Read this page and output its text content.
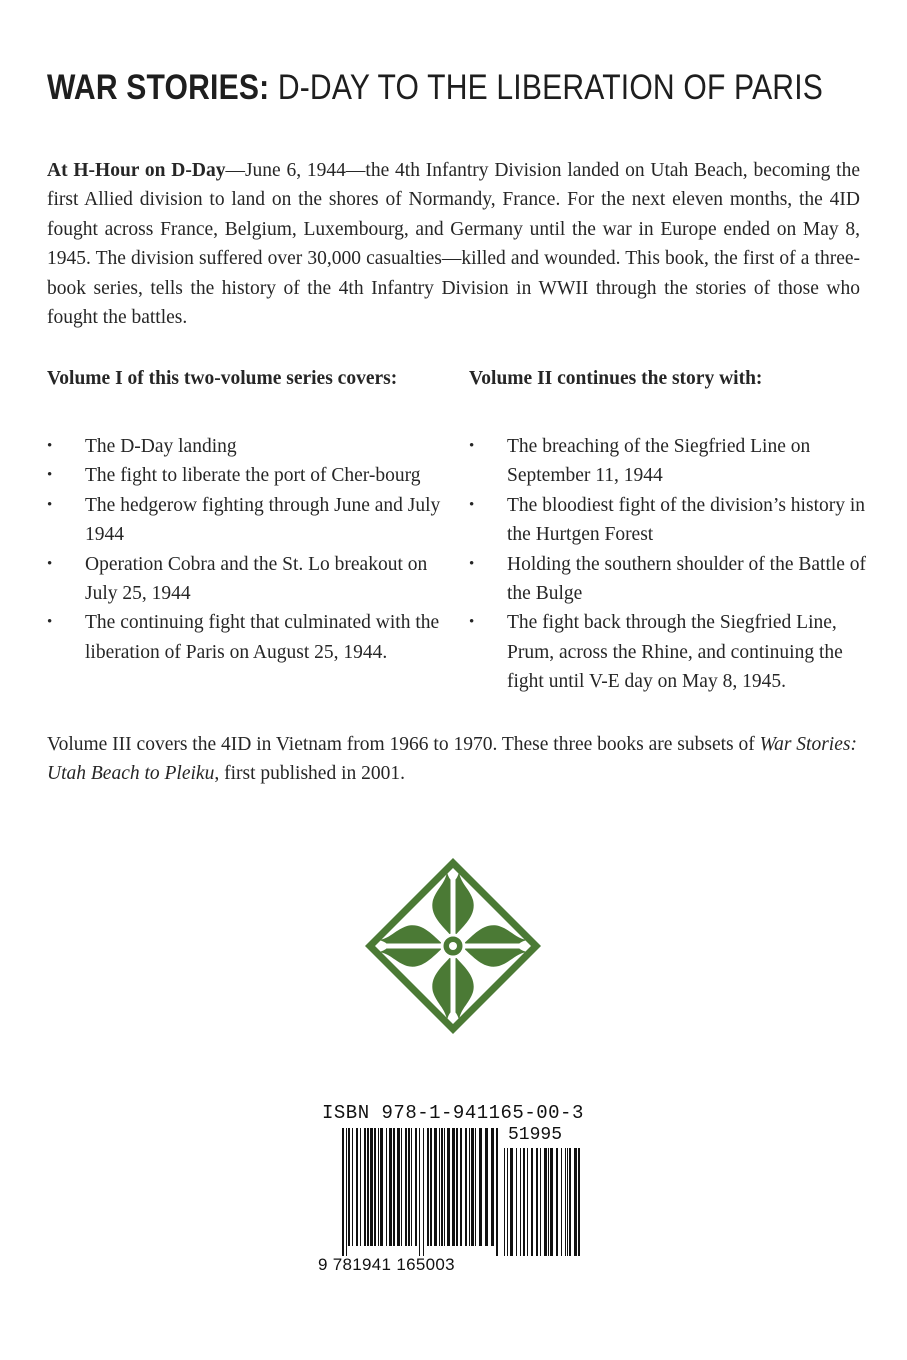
WAR STORIES: D-DAY TO THE LIBERATION OF PARIS

At H-Hour on D-Day—June 6, 1944—the 4th Infantry Division landed on Utah Beach, becoming the first Allied division to land on the shores of Normandy, France. For the next eleven months, the 4ID fought across France, Belgium, Luxembourg, and Germany until the war in Europe ended on May 8, 1945. The division suffered over 30,000 casualties—killed and wounded. This book, the first of a three-book series, tells the history of the 4th Infantry Division in WWII through the stories of those who fought the battles.

Volume I of this two-volume series covers:
• The D-Day landing
• The fight to liberate the port of Cher-bourg
• The hedgerow fighting through June and July 1944
• Operation Cobra and the St. Lo breakout on July 25, 1944
• The continuing fight that culminated with the liberation of Paris on August 25, 1944.
Volume II continues the story with:
• The breaching of the Siegfried Line on September 11, 1944
• The bloodiest fight of the division’s history in the Hurtgen Forest
• Holding the southern shoulder of the Battle of the Bulge
• The fight back through the Siegfried Line, Prum, across the Rhine, and continuing the fight until V-E day on May 8, 1945.

Volume III covers the 4ID in Vietnam from 1966 to 1970. These three books are subsets of War Stories: Utah Beach to Pleiku, first published in 2001.

ISBN 978-1-941165-00-3
51995
9 781941 165003
